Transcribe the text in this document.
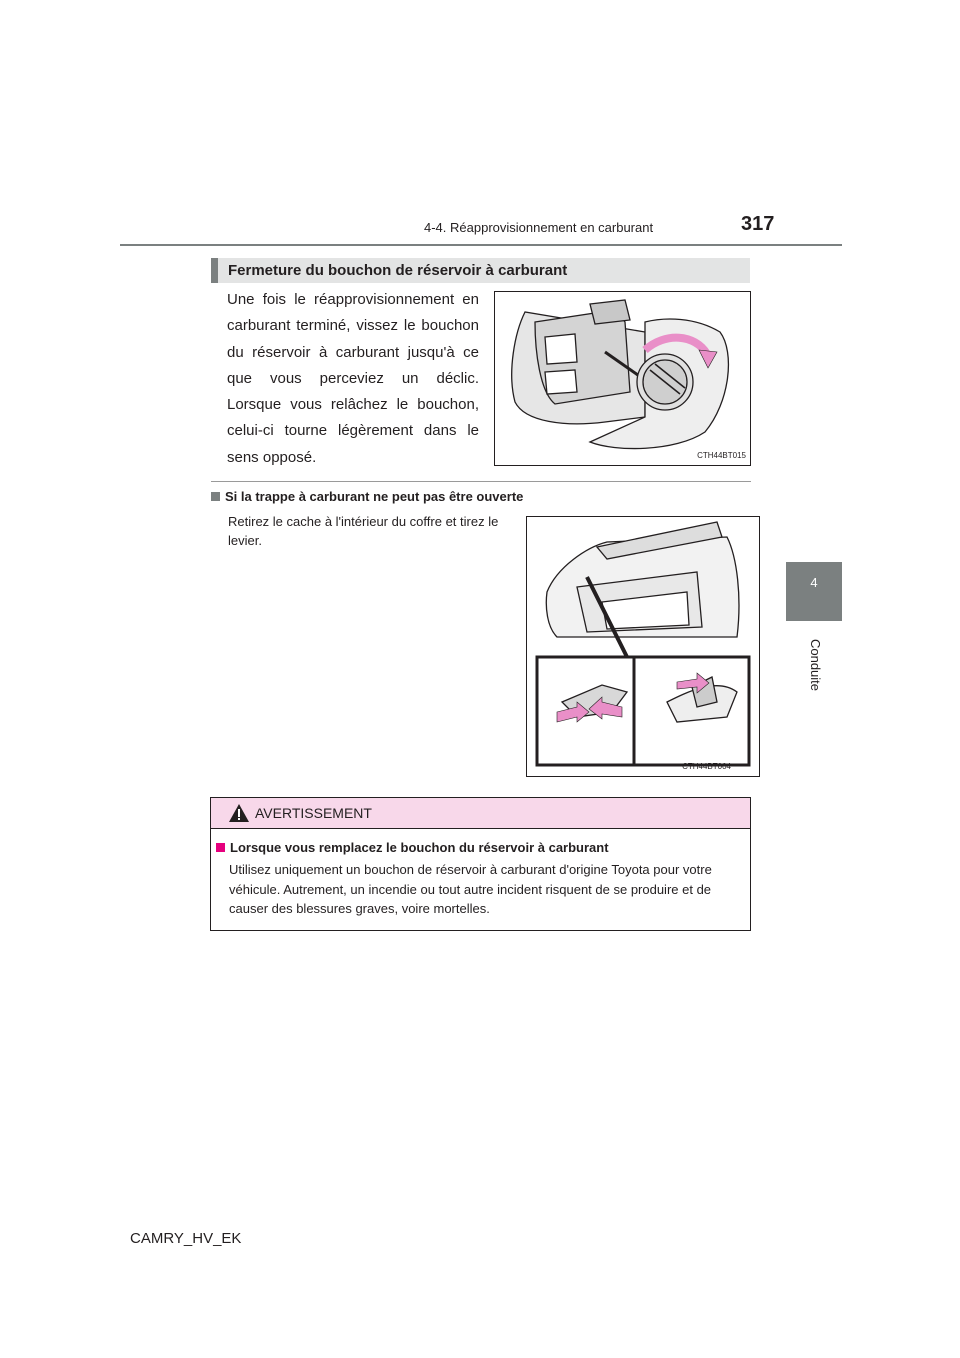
4-4. Réapprovisionnement en carburant	317
4
Conduite
Fermeture du bouchon de réservoir à carburant
Une fois le réapprovisionnement en carburant terminé, vissez le bouchon du réservoir à carburant jusqu'à ce que vous perceviez un déclic. Lorsque vous relâchez le bouchon, celui-ci tourne légèrement dans le sens opposé.	CTH44BT015
Si la trappe à carburant ne peut pas être ouverte
Retirez le cache à l'intérieur du coffre et tirez le levier.
CTH44BT004
AVERTISSEMENT
Lorsque vous remplacez le bouchon du réservoir à carburant
Utilisez uniquement un bouchon de réservoir à carburant d'origine Toyota pour votre véhicule. Autrement, un incendie ou tout autre incident risquent de se produire et de causer des blessures graves, voire mortelles.
CAMRY_HV_EK
